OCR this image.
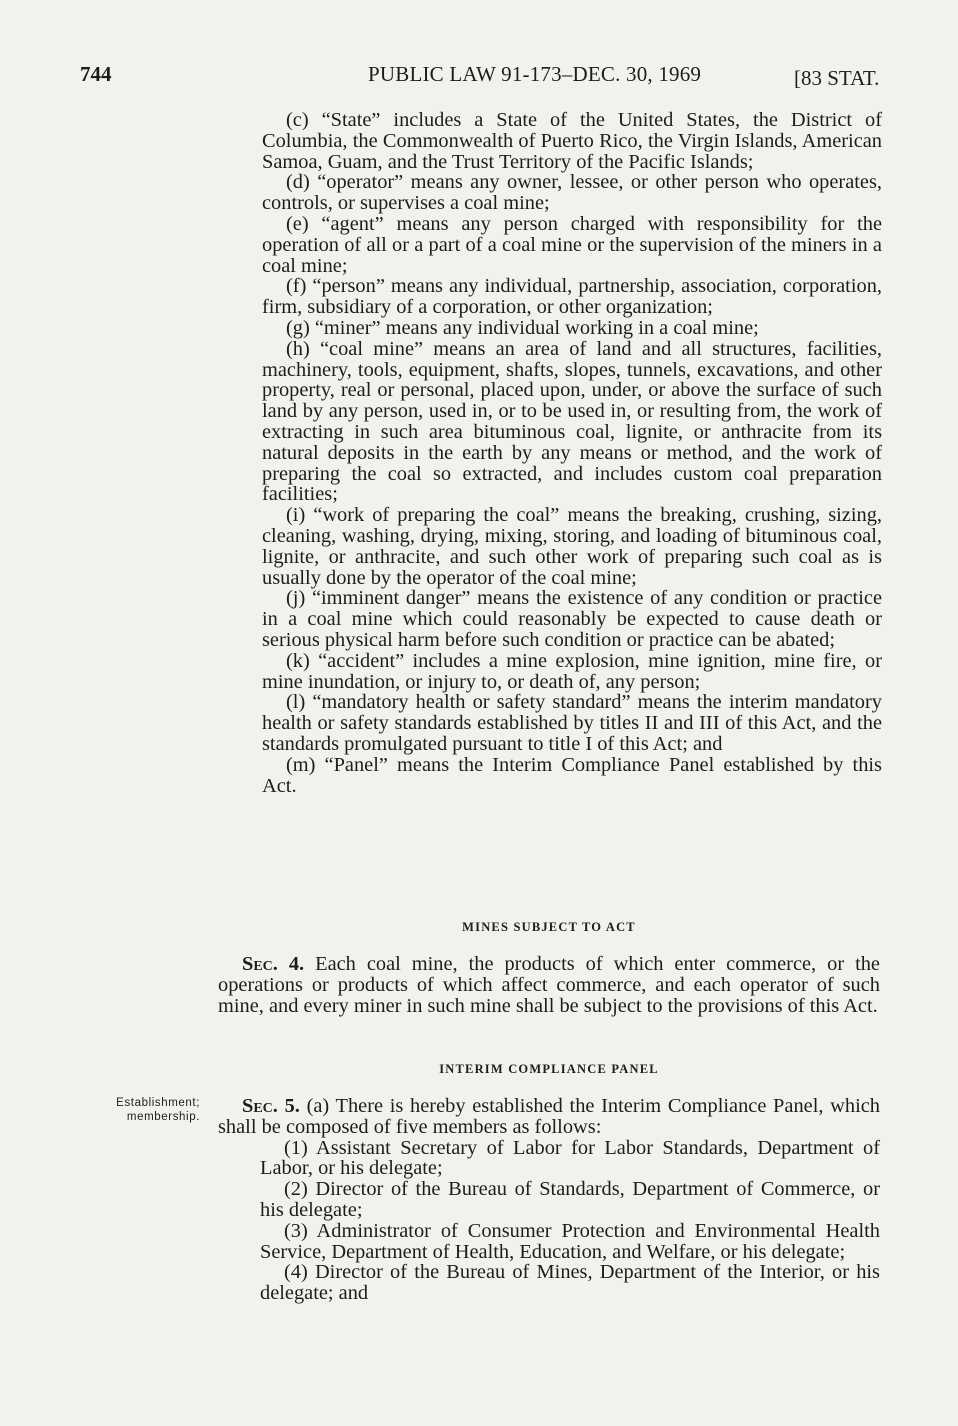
744	PUBLIC LAW 91-173–DEC. 30, 1969	[83 STAT.

(c) “State” includes a State of the United States, the District of Columbia, the Commonwealth of Puerto Rico, the Virgin Islands, American Samoa, Guam, and the Trust Territory of the Pacific Islands;

(d) “operator” means any owner, lessee, or other person who operates, controls, or supervises a coal mine;

(e) “agent” means any person charged with responsibility for the operation of all or a part of a coal mine or the supervision of the miners in a coal mine;

(f) “person” means any individual, partnership, association, corporation, firm, subsidiary of a corporation, or other organization;

(g) “miner” means any individual working in a coal mine;

(h) “coal mine” means an area of land and all structures, facilities, machinery, tools, equipment, shafts, slopes, tunnels, excavations, and other property, real or personal, placed upon, under, or above the surface of such land by any person, used in, or to be used in, or resulting from, the work of extracting in such area bituminous coal, lignite, or anthracite from its natural deposits in the earth by any means or method, and the work of preparing the coal so extracted, and includes custom coal preparation facilities;

(i) “work of preparing the coal” means the breaking, crushing, sizing, cleaning, washing, drying, mixing, storing, and loading of bituminous coal, lignite, or anthracite, and such other work of preparing such coal as is usually done by the operator of the coal mine;

(j) “imminent danger” means the existence of any condition or practice in a coal mine which could reasonably be expected to cause death or serious physical harm before such condition or practice can be abated;

(k) “accident” includes a mine explosion, mine ignition, mine fire, or mine inundation, or injury to, or death of, any person;

(l) “mandatory health or safety standard” means the interim mandatory health or safety standards established by titles II and III of this Act, and the standards promulgated pursuant to title I of this Act; and

(m) “Panel” means the Interim Compliance Panel established by this Act.

MINES SUBJECT TO ACT

Sec. 4. Each coal mine, the products of which enter commerce, or the operations or products of which affect commerce, and each operator of such mine, and every miner in such mine shall be subject to the provisions of this Act.

INTERIM COMPLIANCE PANEL

Establishment;
membership.	Sec. 5. (a) There is hereby established the Interim Compliance Panel, which shall be composed of five members as follows:

(1) Assistant Secretary of Labor for Labor Standards, Department of Labor, or his delegate;

(2) Director of the Bureau of Standards, Department of Commerce, or his delegate;

(3) Administrator of Consumer Protection and Environmental Health Service, Department of Health, Education, and Welfare, or his delegate;

(4) Director of the Bureau of Mines, Department of the Interior, or his delegate; and
